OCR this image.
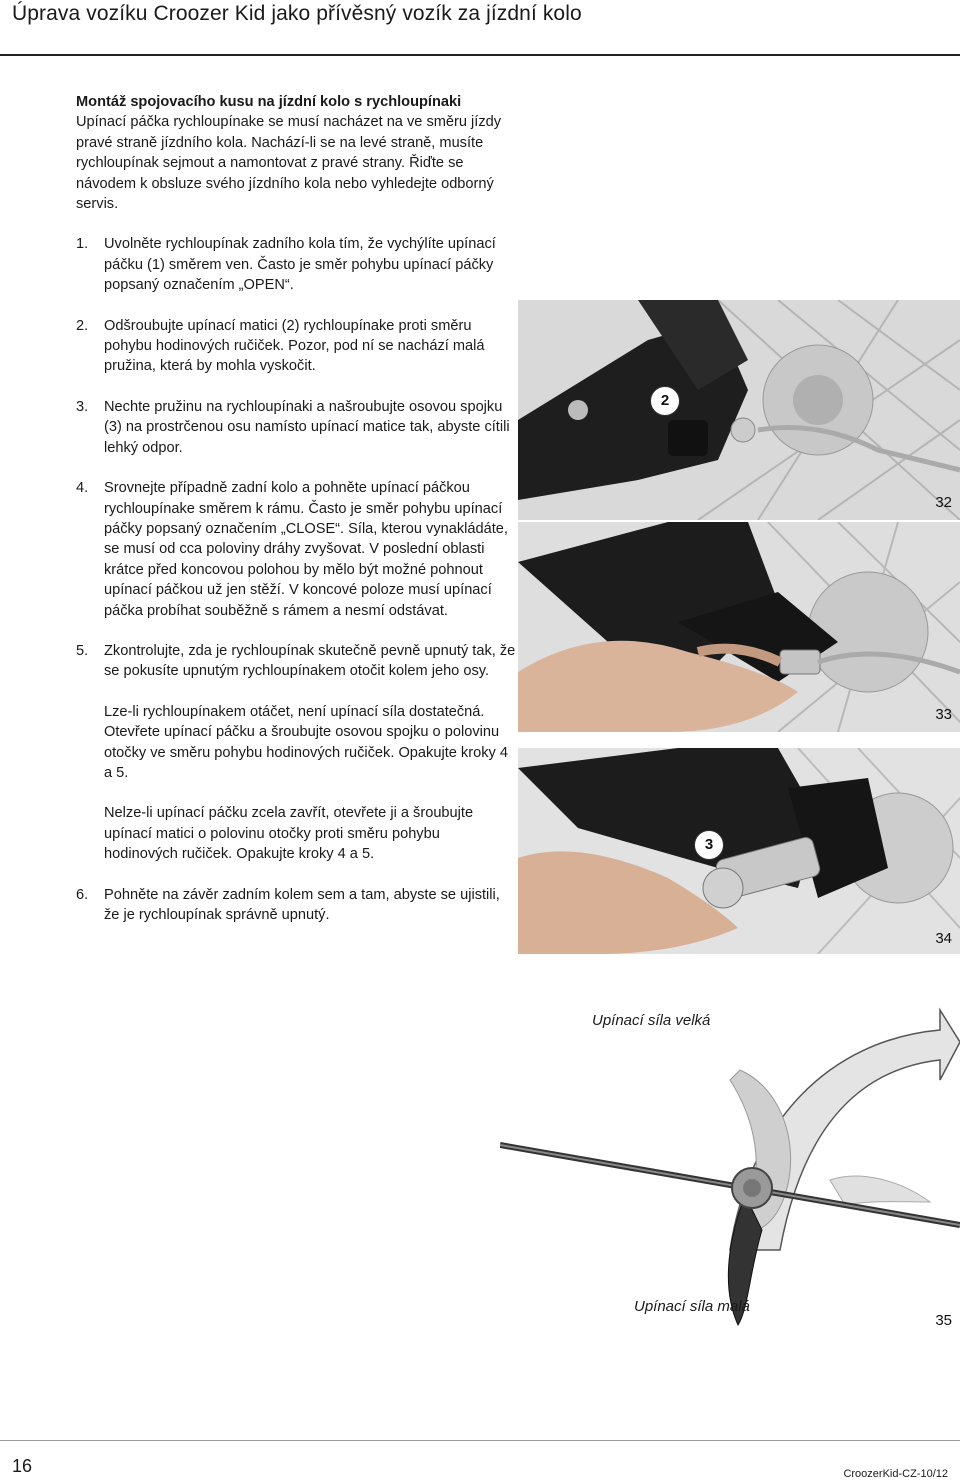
Úprava vozíku Croozer Kid jako přívěsný vozík za jízdní kolo

Montáž spojovacího kusu na jízdní kolo s rychloupínaki
Upínací páčka rychloupínake se musí nacházet na ve směru jízdy pravé straně jízdního kola. Nachází-li se na levé straně, musíte rychloupínak sejmout a namontovat z pravé strany. Řiďte se návodem k obsluze svého jízdního kola nebo vyhledejte odborný servis.

1.	Uvolněte rychloupínak zadního kola tím, že vychýlíte upínací páčku (1) směrem ven. Často je směr pohybu upínací páčky popsaný označením „OPEN“.
2.	Odšroubujte upínací matici (2) rychloupínake proti směru pohybu hodinových ručiček. Pozor, pod ní se nachází malá pružina, která by mohla vyskočit.
3.	Nechte pružinu na rychloupínaki a našroubujte osovou spojku (3) na prostrčenou osu namísto upínací matice tak, abyste cítili lehký odpor.
4.	Srovnejte případně zadní kolo a pohněte upínací páčkou rychloupínake směrem k rámu. Často je směr pohybu upínací páčky popsaný označením „CLOSE“. Síla, kterou vynakládáte, se musí od cca poloviny dráhy zvyšovat. V poslední oblasti krátce před koncovou polohou by mělo být možné pohnout upínací páčkou už jen stěží. V koncové poloze musí upínací páčka probíhat souběžně s rámem a nesmí odstávat.
5.	Zkontrolujte, zda je rychloupínak skutečně pevně upnutý tak, že se pokusíte upnutým rychloupínakem otočit kolem jeho osy.

Lze-li rychloupínakem otáčet, není upínací síla dostatečná. Otevřete upínací páčku a šroubujte osovou spojku o polovinu otočky ve směru pohybu hodinových ručiček. Opakujte kroky 4 a 5.

Nelze-li upínací páčku zcela zavřít, otevřete ji a šroubujte upínací matici o polovinu otočky proti směru pohybu hodinových ručiček. Opakujte kroky 4 a 5.

6.	Pohněte na závěr zadním kolem sem a tam, abyste se ujistili, že je rychloupínak správně upnutý.
2
32
33
3
34
Upínací síla velká
Upínací síla malá
35
16	CroozerKid-CZ-10/12
